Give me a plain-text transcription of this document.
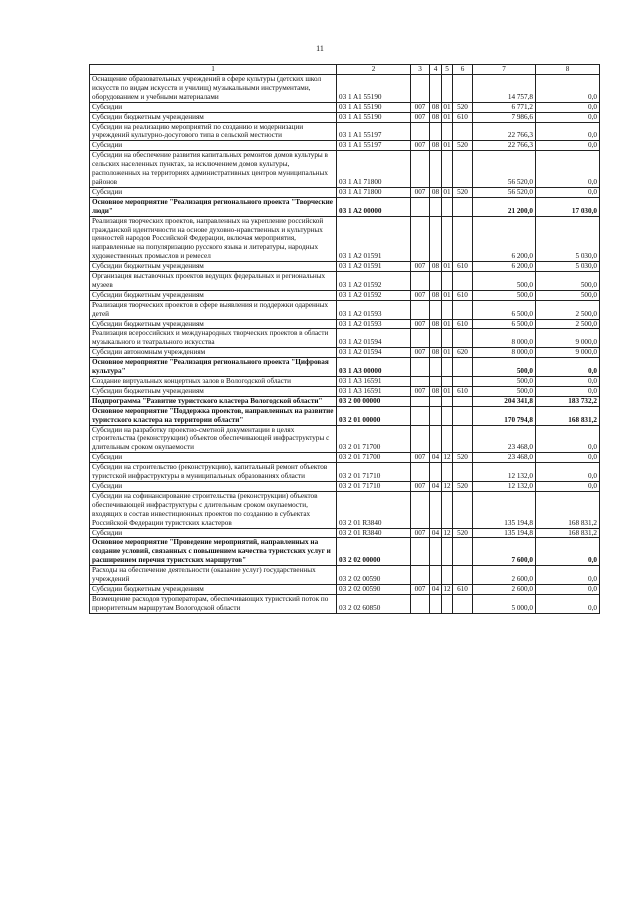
11
1	2	3	4	5	6	7	8
Оснащение образовательных учреждений в сфере культуры (детских школ искусств по видам искусств и училищ) музыкальными инструментами, оборудованием и учебными материалами	03 1 A1 55190					14 757,8	0,0
Субсидии	03 1 A1 55190	007	08	01	520	6 771,2	0,0
Субсидии бюджетным учреждениям	03 1 A1 55190	007	08	01	610	7 986,6	0,0
Субсидии на реализацию мероприятий по созданию и модернизации учреждений культурно-досугового типа в сельской местности	03 1 A1 55197					22 766,3	0,0
Субсидии	03 1 A1 55197	007	08	01	520	22 766,3	0,0
Субсидии на обеспечение развития капитальных ремонтов домов культуры в сельских населенных пунктах, за исключением домов культуры, расположенных на территориях административных центров муниципальных районов	03 1 A1 71800					56 520,0	0,0
Субсидии	03 1 A1 71800	007	08	01	520	56 520,0	0,0
Основное мероприятие "Реализация регионального проекта "Творческие люди"	03 1 A2 00000					21 200,0	17 030,0
Реализация творческих проектов, направленных на укрепление российской гражданской идентичности на основе духовно-нравственных и культурных ценностей народов Российской Федерации, включая мероприятия, направленные на популяризацию русского языка и литературы, народных художественных промыслов и ремесел	03 1 A2 01591					6 200,0	5 030,0
Субсидии бюджетным учреждениям	03 1 A2 01591	007	08	01	610	6 200,0	5 030,0
Организация выставочных проектов ведущих федеральных и региональных музеев	03 1 A2 01592					500,0	500,0
Субсидии бюджетным учреждениям	03 1 A2 01592	007	08	01	610	500,0	500,0
Реализация творческих проектов в сфере выявления и поддержки одаренных детей	03 1 A2 01593					6 500,0	2 500,0
Субсидии бюджетным учреждениям	03 1 A2 01593	007	08	01	610	6 500,0	2 500,0
Реализация всероссийских и международных творческих проектов в области музыкального и театрального искусства	03 1 A2 01594					8 000,0	9 000,0
Субсидии автономным учреждениям	03 1 A2 01594	007	08	01	620	8 000,0	9 000,0
Основное мероприятие "Реализация регионального проекта "Цифровая культура"	03 1 A3 00000					500,0	0,0
Создание виртуальных концертных залов в Вологодской области	03 1 A3 16591					500,0	0,0
Субсидии бюджетным учреждениям	03 1 A3 16591	007	08	01	610	500,0	0,0
Подпрограмма "Развитие туристского кластера Вологодской области"	03 2 00 00000					204 341,8	183 732,2
Основное мероприятие "Поддержка проектов, направленных на развитие туристского кластера на территории области"	03 2 01 00000					170 794,8	168 831,2
Субсидии на разработку проектно-сметной документации в целях строительства (реконструкции) объектов обеспечивающей инфраструктуры с длительным сроком окупаемости	03 2 01 71700					23 468,0	0,0
Субсидии	03 2 01 71700	007	04	12	520	23 468,0	0,0
Субсидии на строительство (реконструкцию), капитальный ремонт объектов туристской инфраструктуры в муниципальных образованиях области	03 2 01 71710					12 132,0	0,0
Субсидии	03 2 01 71710	007	04	12	520	12 132,0	0,0
Субсидии на софинансирование строительства (реконструкции) объектов обеспечивающей инфраструктуры с длительным сроком окупаемости, входящих в состав инвестиционных проектов по созданию в субъектах Российской Федерации туристских кластеров	03 2 01 R3840					135 194,8	168 831,2
Субсидии	03 2 01 R3840	007	04	12	520	135 194,8	168 831,2
Основное мероприятие "Проведение мероприятий, направленных на создание условий, связанных с повышением качества туристских услуг и расширением перечня туристских маршрутов"	03 2 02 00000					7 600,0	0,0
Расходы на обеспечение деятельности (оказание услуг) государственных учреждений	03 2 02 00590					2 600,0	0,0
Субсидии бюджетным учреждениям	03 2 02 00590	007	04	12	610	2 600,0	0,0
Возмещение расходов туроператорам, обеспечивающих туристский поток по приоритетным маршрутам Вологодской области	03 2 02 60850					5 000,0	0,0
